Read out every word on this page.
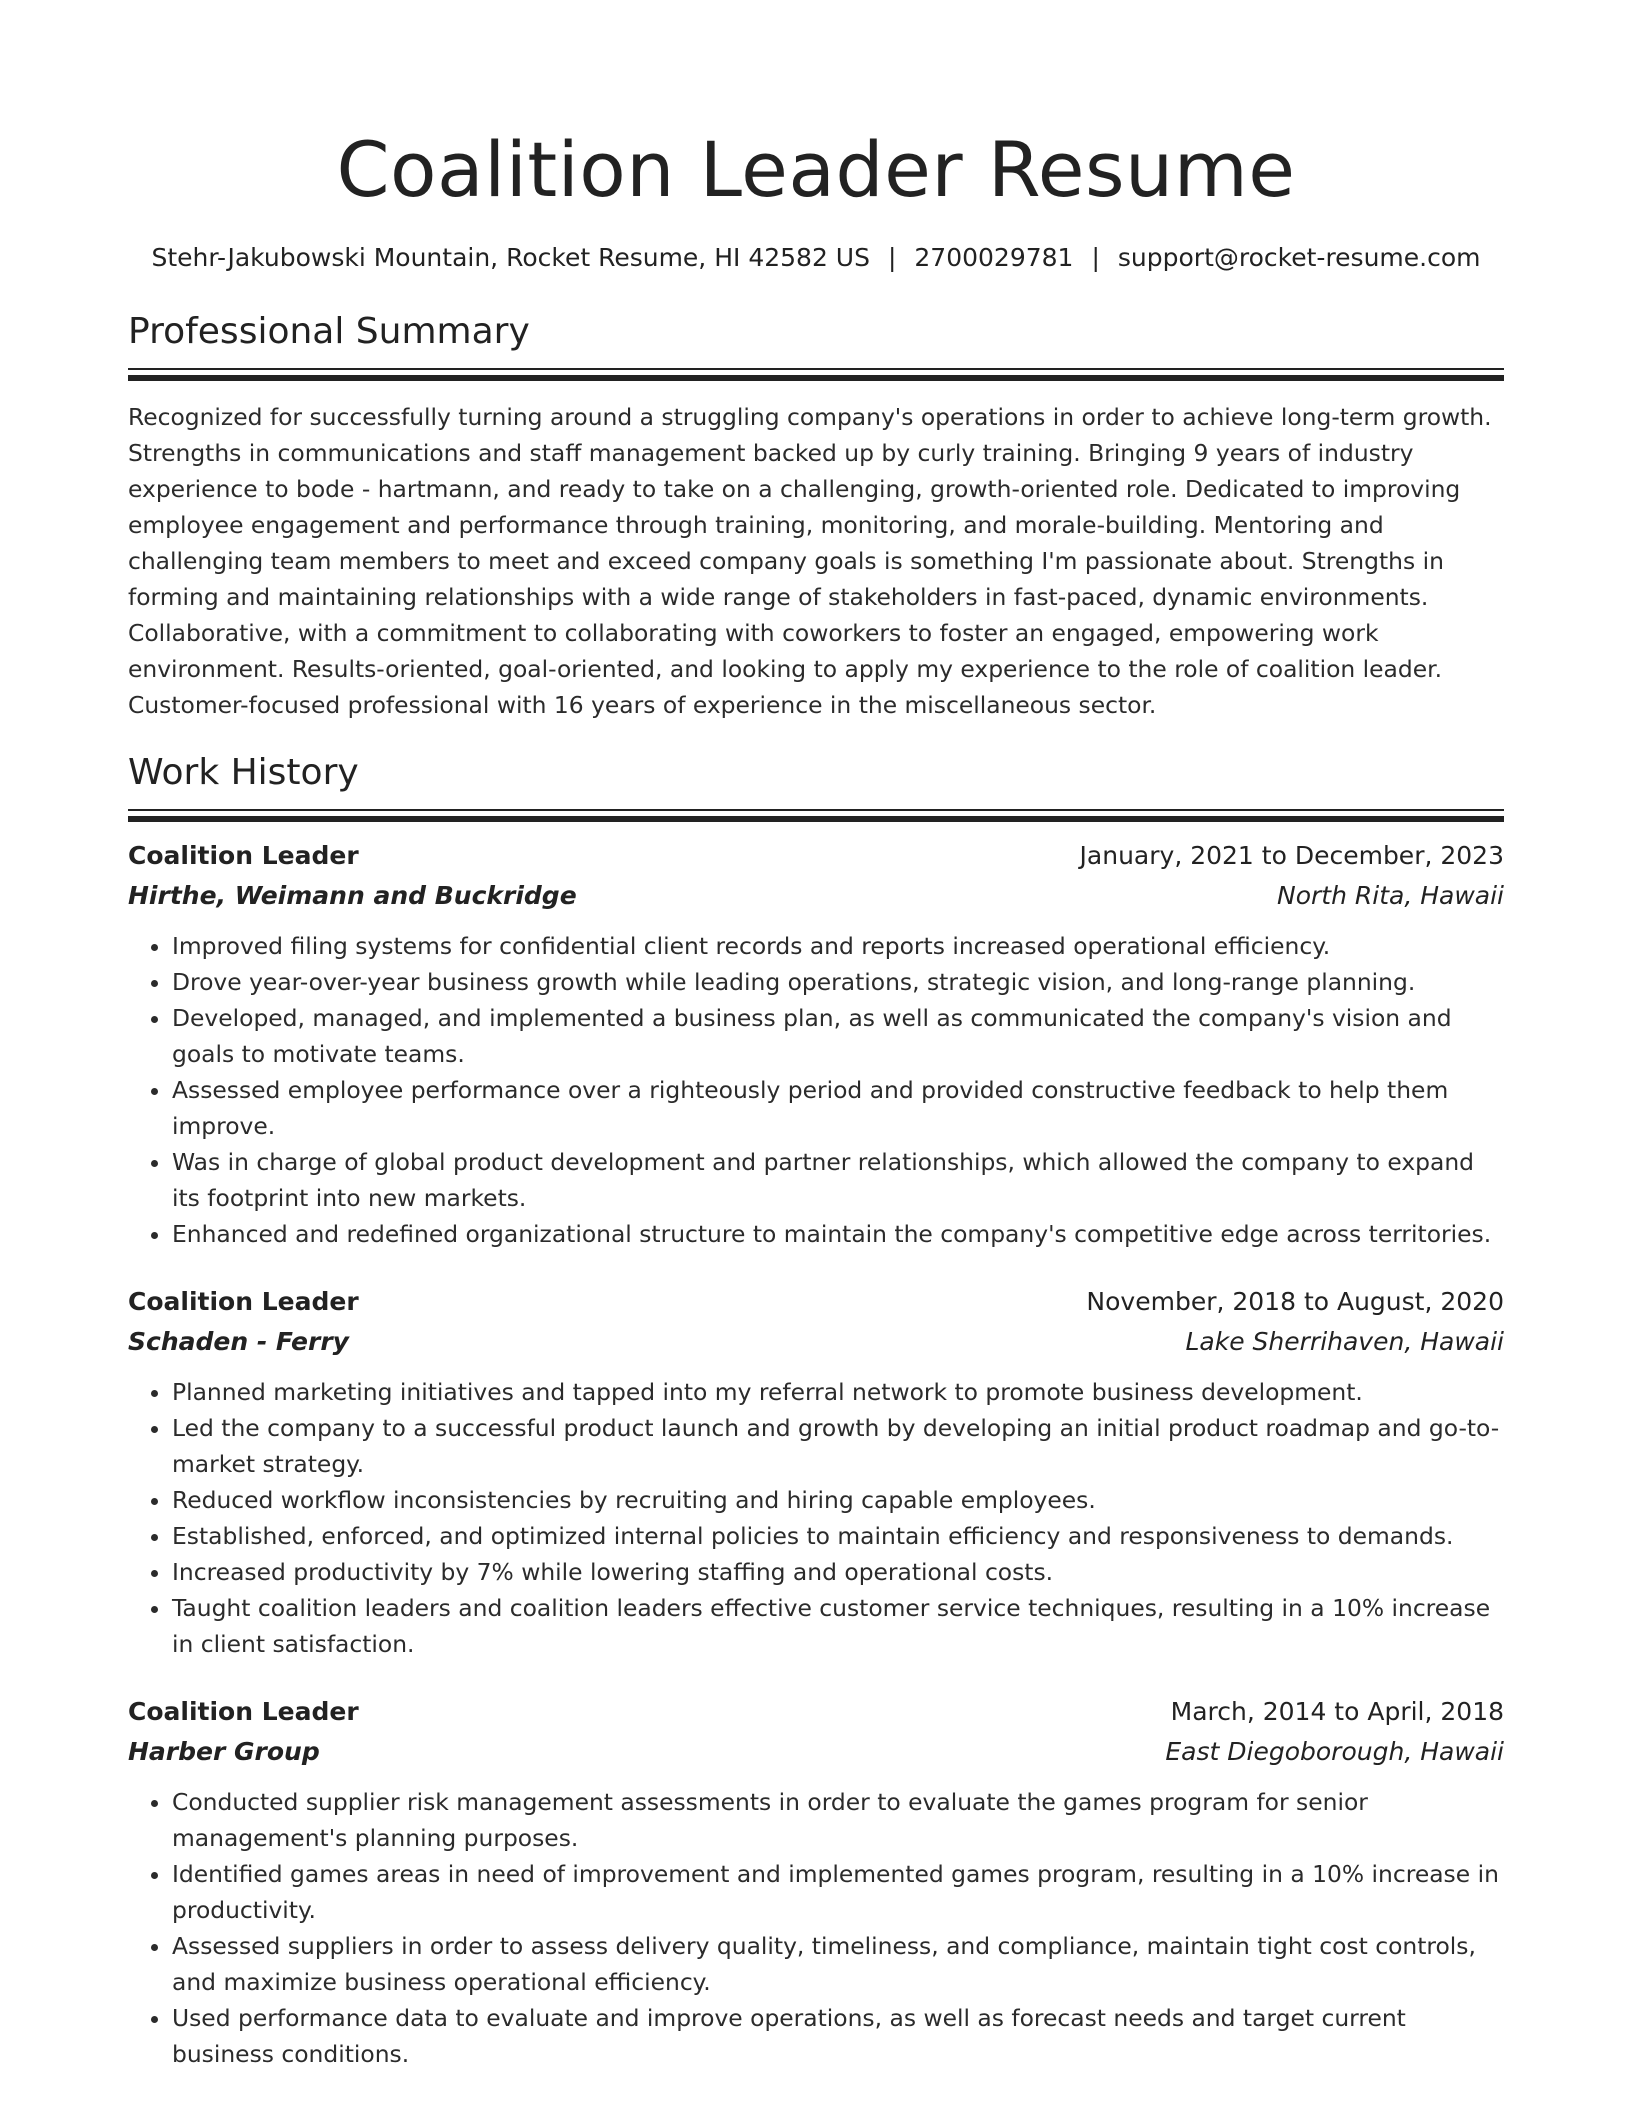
Coalition Leader Resume
Stehr-Jakubowski Mountain, Rocket Resume, HI 42582 US | 2700029781 | support@rocket-resume.com
Professional Summary

Recognized for successfully turning around a struggling company's operations in order to achieve long-term growth. Strengths in communications and staff management backed up by curly training. Bringing 9 years of industry experience to bode - hartmann, and ready to take on a challenging, growth-oriented role. Dedicated to improving employee engagement and performance through training, monitoring, and morale-building. Mentoring and challenging team members to meet and exceed company goals is something I'm passionate about. Strengths in forming and maintaining relationships with a wide range of stakeholders in fast-paced, dynamic environments. Collaborative, with a commitment to collaborating with coworkers to foster an engaged, empowering work environment. Results-oriented, goal-oriented, and looking to apply my experience to the role of coalition leader. Customer-focused professional with 16 years of experience in the miscellaneous sector.

Work History
Coalition Leader	January, 2021 to December, 2023
Hirthe, Weimann and Buckridge	North Rita, Hawaii
• Improved filing systems for confidential client records and reports increased operational efficiency.
• Drove year-over-year business growth while leading operations, strategic vision, and long-range planning.
• Developed, managed, and implemented a business plan, as well as communicated the company's vision and goals to motivate teams.
• Assessed employee performance over a righteously period and provided constructive feedback to help them improve.
• Was in charge of global product development and partner relationships, which allowed the company to expand its footprint into new markets.
• Enhanced and redefined organizational structure to maintain the company's competitive edge across territories.
Coalition Leader	November, 2018 to August, 2020
Schaden - Ferry	Lake Sherrihaven, Hawaii
• Planned marketing initiatives and tapped into my referral network to promote business development.
• Led the company to a successful product launch and growth by developing an initial product roadmap and go-to-market strategy.
• Reduced workflow inconsistencies by recruiting and hiring capable employees.
• Established, enforced, and optimized internal policies to maintain efficiency and responsiveness to demands.
• Increased productivity by 7% while lowering staffing and operational costs.
• Taught coalition leaders and coalition leaders effective customer service techniques, resulting in a 10% increase in client satisfaction.
Coalition Leader	March, 2014 to April, 2018
Harber Group	East Diegoborough, Hawaii
• Conducted supplier risk management assessments in order to evaluate the games program for senior management's planning purposes.
• Identified games areas in need of improvement and implemented games program, resulting in a 10% increase in productivity.
• Assessed suppliers in order to assess delivery quality, timeliness, and compliance, maintain tight cost controls, and maximize business operational efficiency.
• Used performance data to evaluate and improve operations, as well as forecast needs and target current business conditions.
